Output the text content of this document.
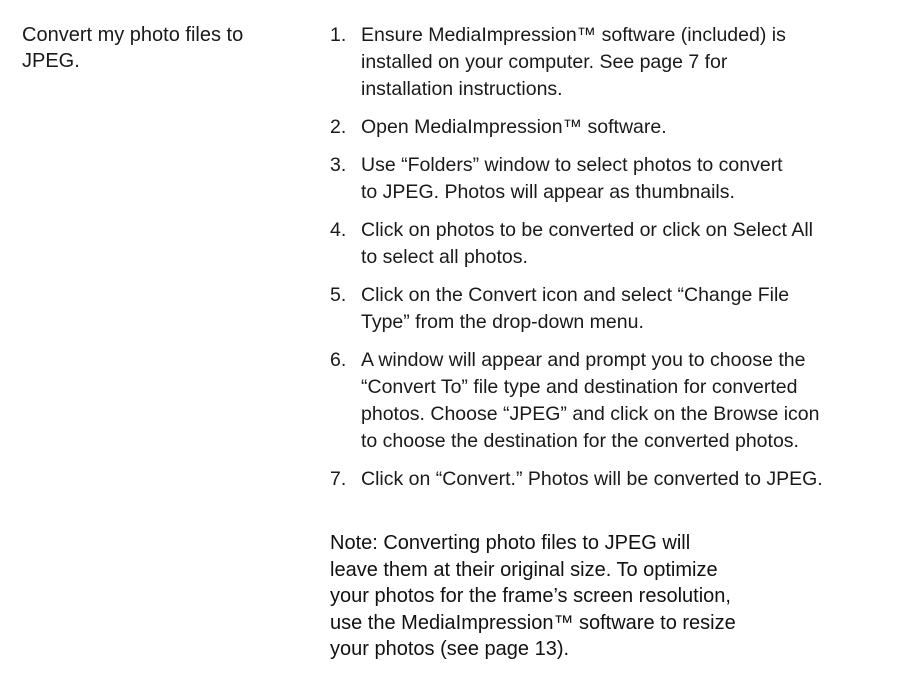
Convert my photo files to JPEG.

1. Ensure MediaImpression™ software (included) is
installed on your computer. See page 7 for
installation instructions.
2. Open MediaImpression™ software.
3. Use “Folders” window to select photos to convert
to JPEG. Photos will appear as thumbnails.
4. Click on photos to be converted or click on Select All
to select all photos.
5. Click on the Convert icon and select “Change File
Type” from the drop-down menu.
6. A window will appear and prompt you to choose the
“Convert To” file type and destination for converted
photos. Choose “JPEG” and click on the Browse icon
to choose the destination for the converted photos.
7. Click on “Convert.” Photos will be converted to JPEG.

Note: Converting photo files to JPEG will
leave them at their original size. To optimize
your photos for the frame’s screen resolution,
use the MediaImpression™ software to resize
your photos (see page 13).
